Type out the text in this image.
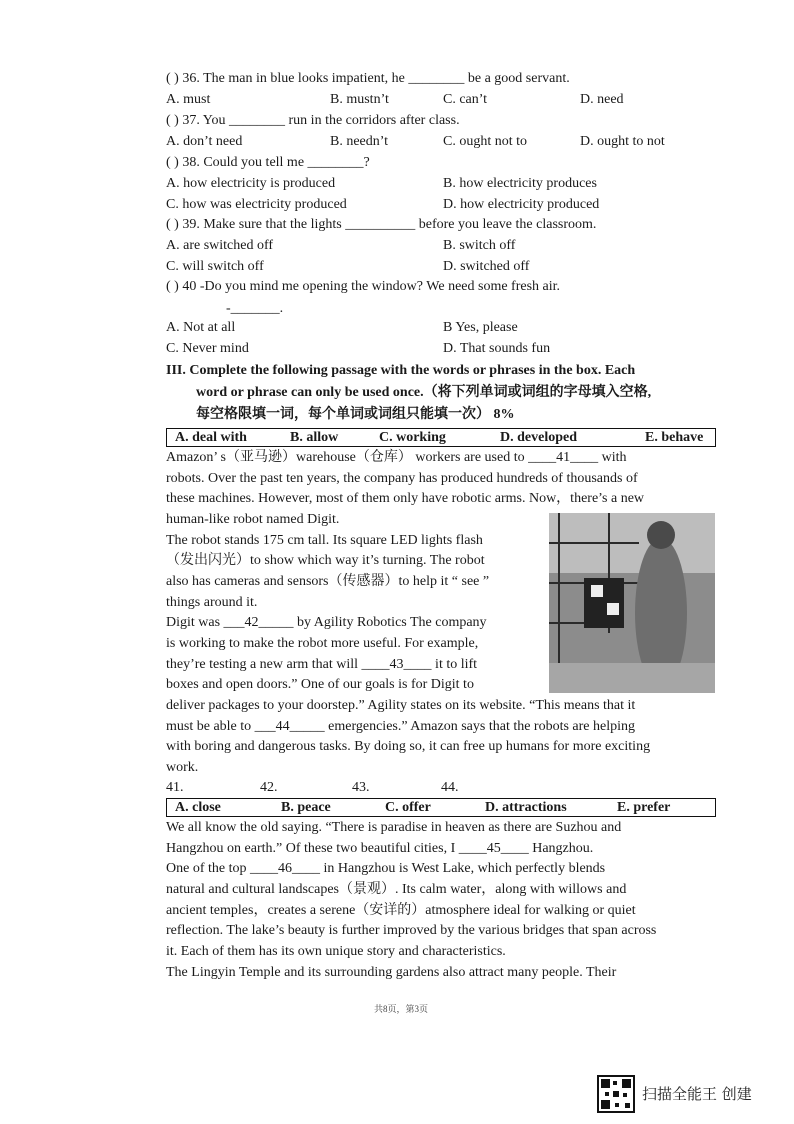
( ) 36. The man in blue looks impatient, he ________ be a good servant.
A. must	B. mustn’t	C. can’t	D. need
( ) 37. You ________ run in the corridors after class.
A. don’t need	B. needn’t	C. ought not to	D. ought to not
( ) 38. Could you tell me ________?
A. how electricity is produced	B. how electricity produces
C. how was electricity produced	D. how electricity produced
( ) 39. Make sure that the lights __________ before you leave the classroom.
A. are switched off	B. switch off
C. will switch off	D. switched off
( ) 40 -Do you mind me opening the window? We need some fresh air.
-_______.
A. Not at all	B Yes, please
C. Never mind	D. That sounds fun
III. Complete the following passage with the words or phrases in the box. Each
word or phrase can only be used once.（将下列单词或词组的字母填入空格,
每空格限填一词，每个单词或词组只能填一次） 8%
A. deal with	B. allow	C. working	D. developed	E. behave
Amazon’ s（亚马逊）warehouse（仓库） workers are used to ____41____ with
robots. Over the past ten years, the company has produced hundreds of thousands of
these machines. However, most of them only have robotic arms. Now，there’s a new
human-like robot named Digit.
The robot stands 175 cm tall. Its square LED lights flash
（发出闪光）to show which way it’s turning. The robot
also has cameras and sensors（传感器）to help it “ see ”
things around it.
Digit was ___42_____ by Agility Robotics The company
is working to make the robot more useful. For example,
they’re testing a new arm that will ____43____ it to lift
boxes and open doors.” One of our goals is for Digit to
deliver packages to your doorstep.” Agility states on its website. “This means that it
must be able to ___44_____ emergencies.” Amazon says that the robots are helping
with boring and dangerous tasks. By doing so, it can free up humans for more exciting
work.
41.	42.	43.	44.
A. close	B. peace	C. offer	D. attractions	E. prefer
We all know the old saying. “There is paradise in heaven as there are Suzhou and
Hangzhou on earth.” Of these two beautiful cities, I ____45____ Hangzhou.
One of the top ____46____ in Hangzhou is West Lake, which perfectly blends
natural and cultural landscapes（景观）. Its calm water，along with willows and
ancient temples，creates a serene（安详的）atmosphere ideal for walking or quiet
reflection. The lake’s beauty is further improved by the various bridges that span across
it. Each of them has its own unique story and characteristics.
The Lingyin Temple and its surrounding gardens also attract many people. Their
共8页，第3页
扫描全能王 创建
